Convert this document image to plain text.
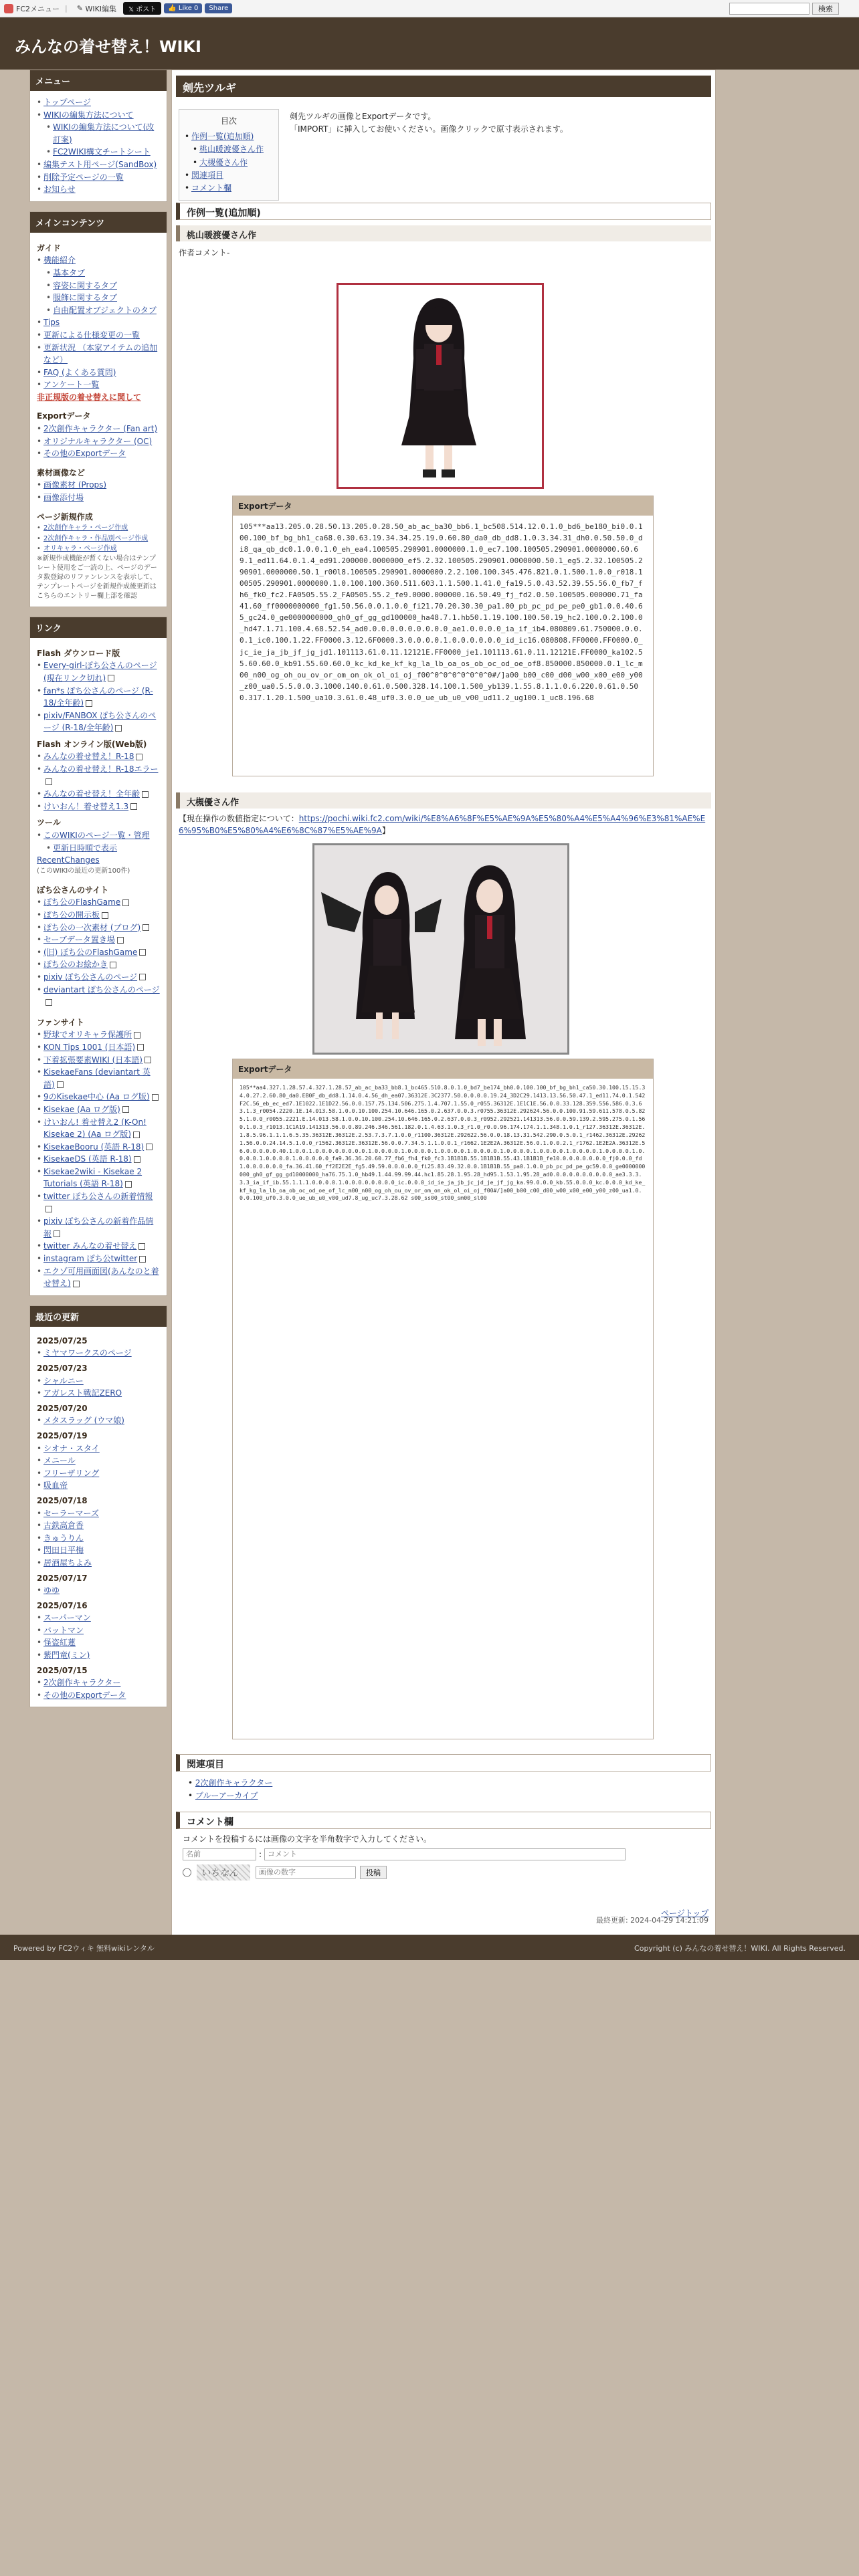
FC2メニュー | ✎
WIKI編集	𝕏 ポスト	👍 Like 0	Share	検索
みんなの着せ替え！WIKI
メニュー
• トップページ
• WIKIの編集方法について
• WIKIの編集方法について(改訂案)
• FC2WIKI構文チートシート
• 編集テスト用ページ(SandBox)
• 削除予定ページの一覧
• お知らせ
メインコンテンツ
ガイド
• 機能紹介
• 基本タブ
• 容姿に関するタブ
• 服飾に関するタブ
• 自由配置オブジェクトのタブ
• Tips
• 更新による仕様変更の一覧
• 更新状況 （本家アイテムの追加など）
• FAQ (よくある質問)
• アンケート一覧
非正規版の着せ替えに関して
Exportデータ
• 2次創作キャラクター (Fan art)
• オリジナルキャラクター (OC)
• その他のExportデータ
素材画像など
• 画像素材 (Props)
• 画像添付場
ページ新規作成
• 2次創作キャラ・ページ作成
• 2次創作キャラ・作品別ページ作成
• オリキャラ・ページ作成
※新規作成機能が暫くない場合はテンプレート使用をご一読の上、ページのデータ数登録のリファンレンスを表示して、テンプレートページを新規作成後更新はこちらのエントリー欄上部を確認
リンク
Flash ダウンロード版
• Every-girl-ぽち公さんのページ (現在リンク切れ)
• fan*s ぽち公さんのページ (R-18/全年齢)
• pixiv/FANBOX ぽち公さんのページ (R-18/全年齢)
Flash オンライン版(Web版)
• みんなの着せ替え！R-18
• みんなの着せ替え！R-18エラー
• みんなの着せ替え！全年齢
• けいおん！着せ替え1.3
ツール
• このWIKIのページ一覧・管理
• 更新日時順で表示
RecentChanges
(このWIKIの最近の更新100件)
ぽち公さんのサイト
• ぽち公のFlashGame
• ぽち公の開示板
• ぽち公の一次素材 (ブログ)
• セーブデータ置き場
• (旧) ぽち公のFlashGame
• ぽち公のお絵かき
• pixiv ぽち公さんのページ
• deviantart ぽち公さんのページ
ファンサイト
• 野球でオリキャラ保護所
• KON Tips 1001 (日本語)
• 下着拡張要素WIKI (日本語)
• KisekaeFans (deviantart 英語)
• 9のKisekae中心 (Aa ログ版)
• Kisekae (Aa ログ版)
• けいおん! 着せ替え2 (K-On! Kisekae 2) (Aa ログ版)
• KisekaeBooru (英語 R-18)
• KisekaeDS (英語 R-18)
• Kisekae2wiki - Kisekae 2 Tutorials (英語 R-18)
• twitter ぽち公さんの新着情報
• pixiv ぽち公さんの新着作品情報
• twitter みんなの着せ替え
• instagram ぽち公twitter
• エクゾ可用画面図(あんなのと着せ替え)
最近の更新
2025/07/25
• ミヤマワークスのページ
2025/07/23
• シャルニー
• アガレスト戦記ZERO
2025/07/20
• メタスラッグ (ウマ娘)
2025/07/19
• シオナ・スタイ
• メニール
• フリーザリング
• 吸血帝
2025/07/18
• セーラーマーズ
• 古鉄高倉香
• きゅうりん
• 閃田日平梅
• 居酒屋ちよみ
2025/07/17
• ゆゆ
2025/07/16
• スーパーマン
• バットマン
• 怪盗紅蓮
• 紫門竜(ミン)
2025/07/15
• 2次創作キャラクター
• その他のExportデータ
剣先ツルギ
目次
• 作例一覧(追加順)
• 桃山暖渡優さん作
• 大槻優さん作
• 関連項目
• コメント欄
剣先ツルギの画像とExportデータです。
「IMPORT」に挿入してお使いください。画像クリックで原寸表示されます。
作例一覧(追加順)
桃山暖渡優さん作
作者コメント-
Exportデータ
105***aa13.205.0.28.50.13.205.0.28.50_ab_ac_ba30_bb6.1_bc508.514.12.0.1.0_bd6_be180_bi0.0.100.100_bf_bg_bh1_ca68.0.30.63.19.34.34.25.19.0.60.80_da0_db_dd8.1.0.3.34.31_dh0.0.50.50.0_di8_qa_qb_dc0.1.0.0.1.0_eh_ea4.100505.290901.0000000.1.0_ec7.100.100505.290901.0000000.60.69.1_ed11.64.0.1.4_ed91.200000.0000000_ef5.2.32.100505.290901.0000000.50.1_eg5.2.32.100505.290901.0000000.50.1_r00l8.100505.290901.0000000.2.2.100.100.345.476.821.0.1.500.1.0.0_r018.100505.290901.0000000.1.0.100.100.360.511.603.1.1.500.1.41.0_fa19.5.0.43.52.39.55.56.0_fb7_fh6_fk0_fc2.FA0505.55.2_FA0505.55.2_fe9.0000.000000.16.50.49_fj_fd2.0.50.100505.000000.71_fa41.60_ff0000000000_fg1.50.56.0.0.1.0.0_fi21.70.20.30.30_pa1.00_pb_pc_pd_pe_pe0_gb1.0.0.40.65_gc24.0_ge0000000000_gh0_gf_gg_gd100000_ha48.7.1.hb50.1.19.100.100.50.19_hc2.100.0.2.100.0_hd47.1.71.100.4.68.52.54_ad0.0.0.0.0.0.0.0.0.0_ae1.0.0.0.0_ia_if_ib4.080809.61.750000.0.0.0.1_ic0.100.1.22.FF0000.3.12.6F0000.3.0.0.0.0.1.0.0.0.0.0.0_id_ic16.080808.FF0000.FF0000.0_jc_ie_ja_jb_jf_jg_jd1.101113.61.0.11.12121E.FF0000_je1.101113.61.0.11.12121E.FF0000_ka102.55.60.60.0_kb91.55.60.60.0_kc_kd_ke_kf_kg_la_lb_oa_os_ob_oc_od_oe_of8.850000.850000.0.1_lc_m00_n00_og_oh_ou_ov_or_om_on_ok_ol_oi_oj_f00^0^0^0^0^0^0^0#/]a00_b00_c00_d00_w00_x00_e00_y00_z00_ua0.5.5.0.0.3.1000.140.0.61.0.500.328.14.100.1.500_yb139.1.55.8.1.1.0.6.220.0.61.0.500.317.1.20.1.500_ua10.3.61.0.48_uf0.3.0.0_ue_ub_u0_v00_ud11.2_ug100.1_uc8.196.68
大槻優さん作
【現在操作の数値指定について：https://pochi.wiki.fc2.com/wiki/%E8%A6%8F%E5%AE%9A%E5%80%A4%E5%A4%96%E3%81%AE%E6%95%B0%E5%80%A4%E6%8C%87%E5%AE%9A】
Exportデータ
105**aa4.327.1.28.57.4.327.1.28.57_ab_ac_ba33_bb8.1_bc465.510.8.0.1.0_bd7_be174_bh0.0.100.100_bf_bg_bh1_ca50.30.100.15.15.34.0.27.2.60.80_da0.EB0F_db_dd8.1.14.0.4.56_dh_ea07.36312E.3C2377.50.0.0.0.0.19.24_3D2C29.1413.13.56.50.47.1_ed11.74.0.1.542F2C.56_eb_ec_ed7.1E1022.1E1D22.56.0.0.157.75.134.506.275.1.4.707.1.55.0_r055.36312E.1E1C1E.56.0.0.33.128.359.556.586.0.3.63.1.3_r0054.2220.1E.14.013.58.1.0.0.10.100.254.10.646.165.0.2.637.0.0.3.r0755.36312E.292624.56.0.0.100.91.59.611.578.0.5.825.1.0.0_r0055.2221.E.14.013.58.1.0.0.10.100.254.10.646.165.0.2.637.0.0.3_r0952.292521.141313.56.0.0.59.139.2.595.275.0.1.560.1.0.3_r1013.1C1A19.141313.56.0.0.89.246.346.561.182.0.1.4.63.1.0.3_r1.0_r0.0.96.174.174.1.1.348.1.0.1_r127.36312E.36312E.1.8.5.96.1.1.1.6.5.35.36312E.36312E.2.53.7.3.7.1.0.0_r1100.36312E.292622.56.0.0.18.13.31.542.290.0.5.0.1_r1462.36312E.292621.56.0.0.24.14.5.1.0.0_r1562.36312E.36312E.56.0.0.7.34.5.1.1.0.0.1_r1662.1E2E2A.36312E.56.0.1.0.0.2.1_r1762.1E2E2A.36312E.56.0.0.0.0.0.40.1.0.0.1.0.0.0.0.0.0.0.0.1.0.0.0.0.1.0.0.0.0.1.0.0.0.0.1.0.0.0.0.1.0.0.0.0.1.0.0.0.0.1.0.0.0.0.1.0.0.0.0.1.0.0.0.0.1.0.0.0.0.1.0.0.0.0.0_fa9.36.36.20.60.77_fb6_fh4_fk0_fc3.1B1B1B.55.1B1B1B.55.43.1B1B1B_fe10.0.0.0.0.0.0.0_fj0.0.0_fd1.0.0.0.0.0.0_fa.36.41.60_ff2E2E2E_fg5.49.59.0.0.0.0.0_fi25.83.49.32.0.0.1B1B1B.55_pa0.1.0.0_pb_pc_pd_pe_gc59.0.0_ge0000000000_gh0_gf_gg_gd10000000_ha76.75.1.0_hb49.1.44.99.99.44.hc1.85.28.1.95.28_hd95.1.53.1.95.28_ad0.0.0.0.0.0.0.0.0.0_ae3.3.3.3.3_ia_if_ib.55.1.1.1.0.0.0.0.1.0.0.0.0.0.0.0.0_ic.0.0.0_id_ie_ja_jb_jc_jd_je_jf_jg_ka.99.0.0.0_kb.55.0.0.0_kc.0.0.0_kd_ke_kf_kg_la_lb_oa_ob_oc_od_oe_of_lc_m00_n00_og_oh_ou_ov_or_om_on_ok_ol_oi_oj_f00#/]a00_b00_c00_d00_w00_x00_e00_y00_z00_ua1.0.0.0.100_uf0.3.0.0_ue_ub_u0_v00_ud7.8_ug_uc7.3.28.62 s00_ss00_st00_sm00_sl00
関連項目
• 2次創作キャラクター
• ブルーアーカイブ
コメント欄
コメントを投稿するには画像の文字を半角数字で入力してください。
名前
:
コメント
いちなん
画像の数字	投稿
最終更新: 2024-04-29 14:21:09
ページトップ
Powered by FC2ウィキ 無料wikiレンタル	Copyright (c) みんなの着せ替え！WIKI. All Rights Reserved.
